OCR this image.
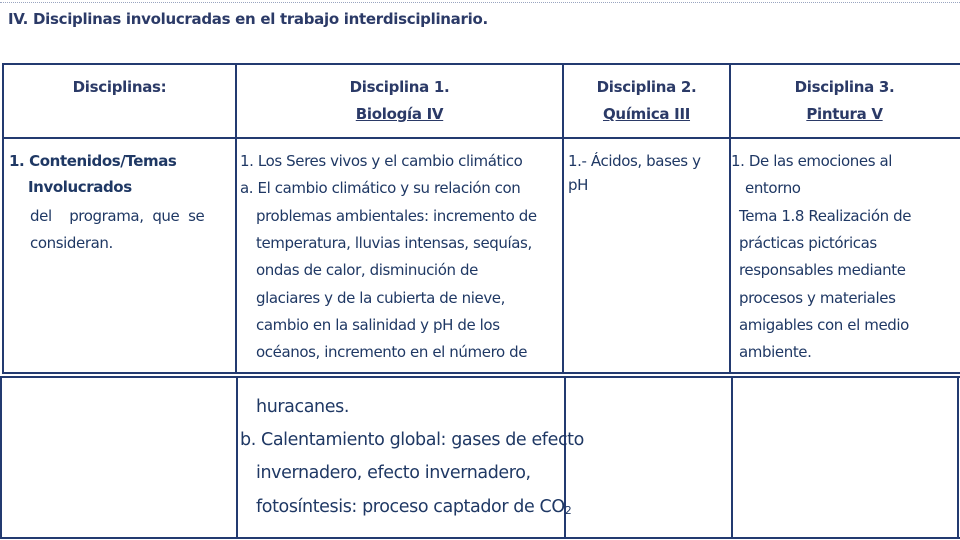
IV. Disciplinas involucradas en el trabajo interdisciplinario.
Disciplinas:	Disciplina 1.
Biología IV
Disciplina 2.
Química III
Disciplina 3.
Pintura V
1. Contenidos/Temas
Involucrados
del    programa,  que  se
consideran.
1. Los Seres vivos y el cambio climático
a. El cambio climático y su relación con
problemas ambientales: incremento de
temperatura, lluvias intensas, sequías,
ondas de calor, disminución de
glaciares y de la cubierta de nieve,
cambio en la salinidad y pH de los
océanos, incremento en el número de
1.- Ácidos, bases y
pH
1. De las emociones al
entorno
Tema 1.8 Realización de
prácticas pictóricas
responsables mediante
procesos y materiales
amigables con el medio
ambiente.
huracanes.
b. Calentamiento global: gases de efecto
invernadero, efecto invernadero,
fotosíntesis: proceso captador de $CO_2$
